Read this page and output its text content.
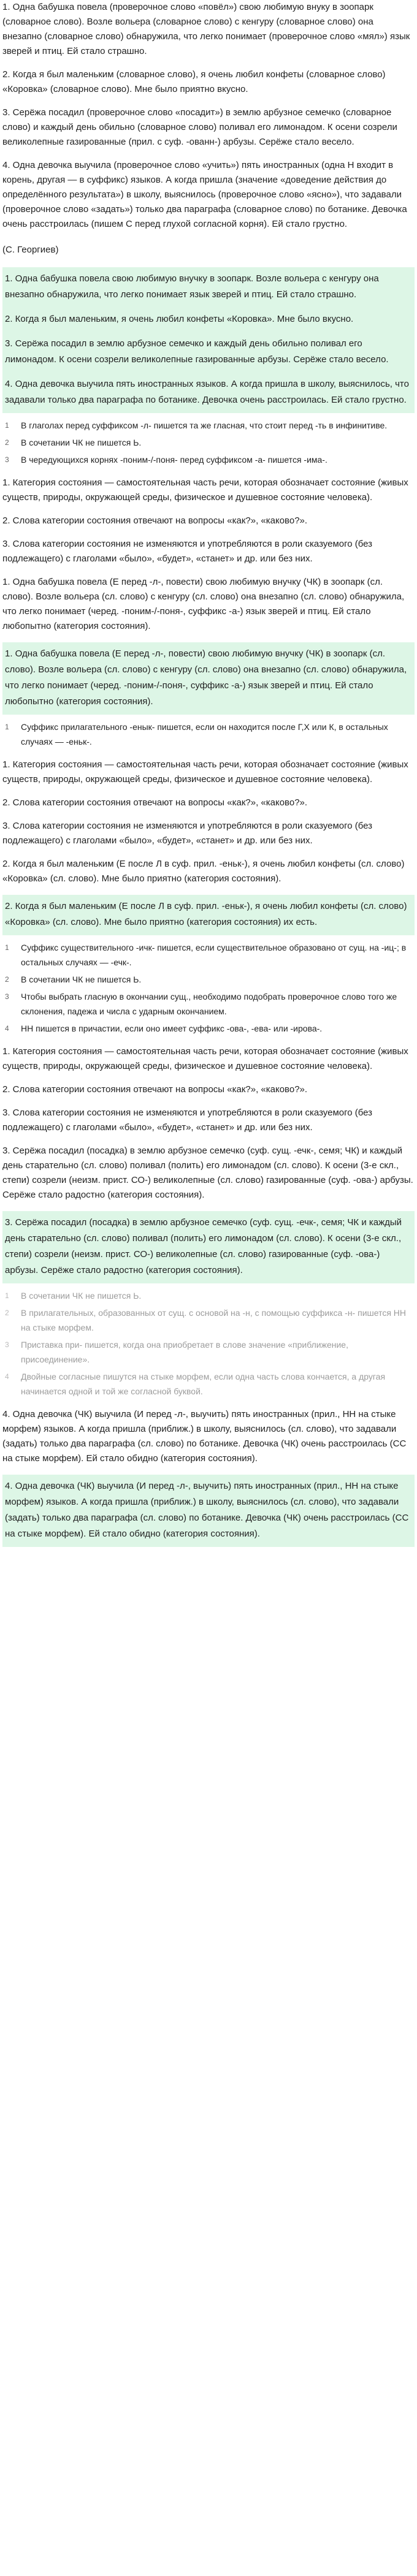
1. Одна бабушка повела (проверочное слово «повёл») свою любимую внуку в зоопарк (словарное слово). Возле вольера (словарное слово) с кенгуру (словарное слово) она внезапно (словарное слово) обнаружила, что легко понимает (проверочное слово «мял») язык зверей и птиц. Ей стало страшно.

2. Когда я был маленьким (словарное слово), я очень любил конфеты (словарное слово) «Коровка» (словарное слово). Мне было приятно вкусно.

3. Серёжа посадил (проверочное слово «посадит») в землю арбузное семечко (словарное слово) и каждый день обильно (словарное слово) поливал его лимонадом. К осени созрели великолепные газированные (прил. с суф. -ованн-) арбузы. Серёже стало весело.

4. Одна девочка выучила (проверочное слово «учить») пять иностранных (одна Н входит в корень, другая — в суффикс) языков. А когда пришла (значение «доведение действия до определённого результата») в школу, выяснилось (проверочное слово «ясно»), что задавали (проверочное слово «задать») только два параграфа (словарное слово) по ботанике. Девочка очень расстроилась (пишем С перед глухой согласной корня). Ей стало грустно.

(С. Георгиев)

1. Одна бабушка повела свою любимую внучку в зоопарк. Возле вольера с кенгуру она внезапно обнаружила, что легко понимает язык зверей и птиц. Ей стало страшно.

2. Когда я был маленьким, я очень любил конфеты «Коровка». Мне было вкусно.

3. Серёжа посадил в землю арбузное семечко и каждый день обильно поливал его лимонадом. К осени созрели великолепные газированные арбузы. Серёже стало весело.

4. Одна девочка выучила пять иностранных языков. А когда пришла в школу, выяснилось, что задавали только два параграфа по ботанике. Девочка очень расстроилась. Ей стало грустно.

1	В глаголах перед суффиксом -л- пишется та же гласная, что стоит перед -ть в инфинитиве.
2	В сочетании ЧК не пишется Ь.
3	В чередующихся корнях -поним-/-поня- перед суффиксом -а- пишется -има-.

1. Категория состояния — самостоятельная часть речи, которая обозначает состояние (живых существ, природы, окружающей среды, физическое и душевное состояние человека).

2. Слова категории состояния отвечают на вопросы «как?», «каково?».

3. Слова категории состояния не изменяются и употребляются в роли сказуемого (без подлежащего) с глаголами «было», «будет», «станет» и др. или без них.

1. Одна бабушка повела (Е перед -л-, повести) свою любимую внучку (ЧК) в зоопарк (сл. слово). Возле вольера (сл. слово) с кенгуру (сл. слово) она внезапно (сл. слово) обнаружила, что легко понимает (черед. -поним-/-поня-, суффикс -а-) язык зверей и птиц. Ей стало любопытно (категория состояния).

1. Одна бабушка повела (Е перед -л-, повести) свою любимую внучку (ЧК) в зоопарк (сл. слово). Возле вольера (сл. слово) с кенгуру (сл. слово) она внезапно (сл. слово) обнаружила, что легко понимает (черед. -поним-/-поня-, суффикс -а-) язык зверей и птиц. Ей стало любопытно (категория состояния).

1	Суффикс прилагательного -енык- пишется, если он находится после Г,Х или К, в остальных случаях — -еньк-.

1. Категория состояния — самостоятельная часть речи, которая обозначает состояние (живых существ, природы, окружающей среды, физическое и душевное состояние человека).

2. Слова категории состояния отвечают на вопросы «как?», «каково?».

3. Слова категории состояния не изменяются и употребляются в роли сказуемого (без подлежащего) с глаголами «было», «будет», «станет» и др. или без них.

2. Когда я был маленьким (Е после Л в суф. прил. -еньк-), я очень любил конфеты (сл. слово) «Коровка» (сл. слово). Мне было приятно (категория состояния).

2. Когда я был маленьким (Е после Л в суф. прил. -еньк-), я очень любил конфеты (сл. слово) «Коровка» (сл. слово). Мне было приятно (категория состояния) их есть.

1	Суффикс существительного -ичк- пишется, если существительное образовано от сущ. на -иц-; в остальных случаях — -ечк-.
2	В сочетании ЧК не пишется Ь.
3	Чтобы выбрать гласную в окончании сущ., необходимо подобрать проверочное слово того же склонения, падежа и числа с ударным окончанием.
4	НН пишется в причастии, если оно имеет суффикс -ова-, -ева- или -ирова-.

1. Категория состояния — самостоятельная часть речи, которая обозначает состояние (живых существ, природы, окружающей среды, физическое и душевное состояние человека).

2. Слова категории состояния отвечают на вопросы «как?», «каково?».

3. Слова категории состояния не изменяются и употребляются в роли сказуемого (без подлежащего) с глаголами «было», «будет», «станет» и др. или без них.

3. Серёжа посадил (посадка) в землю арбузное семечко (суф. сущ. -ечк-, семя; ЧК) и каждый день старательно (сл. слово) поливал (полить) его лимонадом (сл. слово). К осени (3-е скл., степи) созрели (неизм. прист. СО-) великолепные (сл. слово) газированные (суф. -ова-) арбузы. Серёже стало радостно (категория состояния).

3. Серёжа посадил (посадка) в землю арбузное семечко (суф. сущ. -ечк-, семя; ЧК и каждый день старательно (сл. слово) поливал (полить) его лимонадом (сл. слово). К осени (3-е скл., степи) созрели (неизм. прист. СО-) великолепные (сл. слово) газированные (суф. -ова-) арбузы. Серёже стало радостно (категория состояния).

1	В сочетании ЧК не пишется Ь.
2	В прилагательных, образованных от сущ. с основой на -н, с помощью суффикса -н- пишется НН на стыке морфем.
3	Приставка при- пишется, когда она приобретает в слове значение «приближение, присоединение».
4	Двойные согласные пишутся на стыке морфем, если одна часть слова кончается, а другая начинается одной и той же согласной буквой.

4. Одна девочка (ЧК) выучила (И перед -л-, выучить) пять иностранных (прил., НН на стыке морфем) языков. А когда пришла (приближ.) в школу, выяснилось (сл. слово), что задавали (задать) только два параграфа (сл. слово) по ботанике. Девочка (ЧК) очень расстроилась (СС на стыке морфем). Ей стало обидно (категория состояния).

4. Одна девочка (ЧК) выучила (И перед -л-, выучить) пять иностранных (прил., НН на стыке морфем) языков. А когда пришла (приближ.) в школу, выяснилось (сл. слово), что задавали (задать) только два параграфа (сл. слово) по ботанике. Девочка (ЧК) очень расстроилась (СС на стыке морфем). Ей стало обидно (категория состояния).
